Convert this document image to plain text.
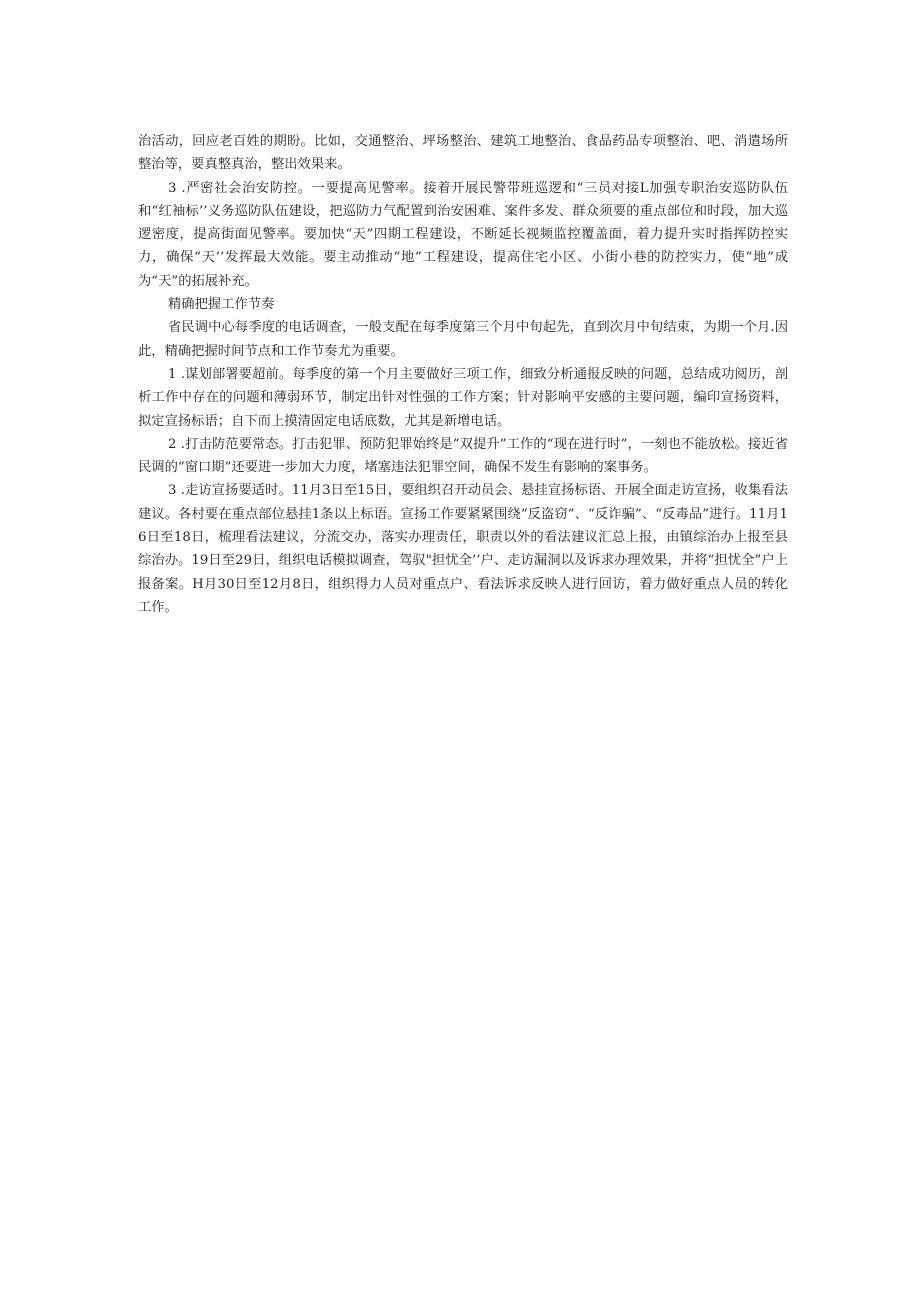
治活动，回应老百姓的期盼。比如，交通整治、坪场整治、建筑工地整治、食品药品专项整治、吧、消遣场所整治等，要真整真治，整出效果来。

3 .严密社会治安防控。一要提高见警率。接着开展民警带班巡逻和“三员对接L加强专职治安巡防队伍和“红袖标’’义务巡防队伍建设，把巡防力气配置到治安困难、案件多发、群众须要的重点部位和时段，加大巡逻密度，提高街面见警率。要加快“天”四期工程建设，不断延长视频监控覆盖面，着力提升实时指挥防控实力，确保“天’’发挥最大效能。要主动推动“地”工程建设，提高住宅小区、小街小巷的防控实力，使“地”成为“天”的拓展补充。

精确把握工作节奏

省民调中心每季度的电话调查，一般支配在每季度第三个月中旬起先，直到次月中旬结束，为期一个月.因此，精确把握时间节点和工作节奏尤为重要。

1 .谋划部署要超前。每季度的第一个月主要做好三项工作，细致分析通报反映的问题，总结成功阅历，剖析工作中存在的问题和薄弱环节，制定出针对性强的工作方案；针对影响平安感的主要问题，编印宣扬资料，拟定宣扬标语；自下而上摸清固定电话底数，尤其是新增电话。

2 .打击防范要常态。打击犯罪、预防犯罪始终是“双提升”工作的“现在进行时”，一刻也不能放松。接近省民调的“窗口期”还要进一步加大力度，堵塞违法犯罪空间，确保不发生有影响的案事务。

3 .走访宣扬要适时。11月3日至15日，要组织召开动员会、悬挂宣扬标语、开展全面走访宣扬，收集看法建议。各村要在重点部位悬挂1条以上标语。宣扬工作要紧紧围绕“反盗窃”、“反诈骗”、“反毒品”进行。11月16日至18日，梳理看法建议，分流交办，落实办理责任，职责以外的看法建议汇总上报，由镇综治办上报至县综治办。19日至29日，组织电话模拟调查，驾驭"担忧全’’户、走访漏洞以及诉求办理效果，并将“担忧全”户上报备案。H月30日至12月8日，组织得力人员对重点户、看法诉求反映人进行回访，着力做好重点人员的转化工作。
